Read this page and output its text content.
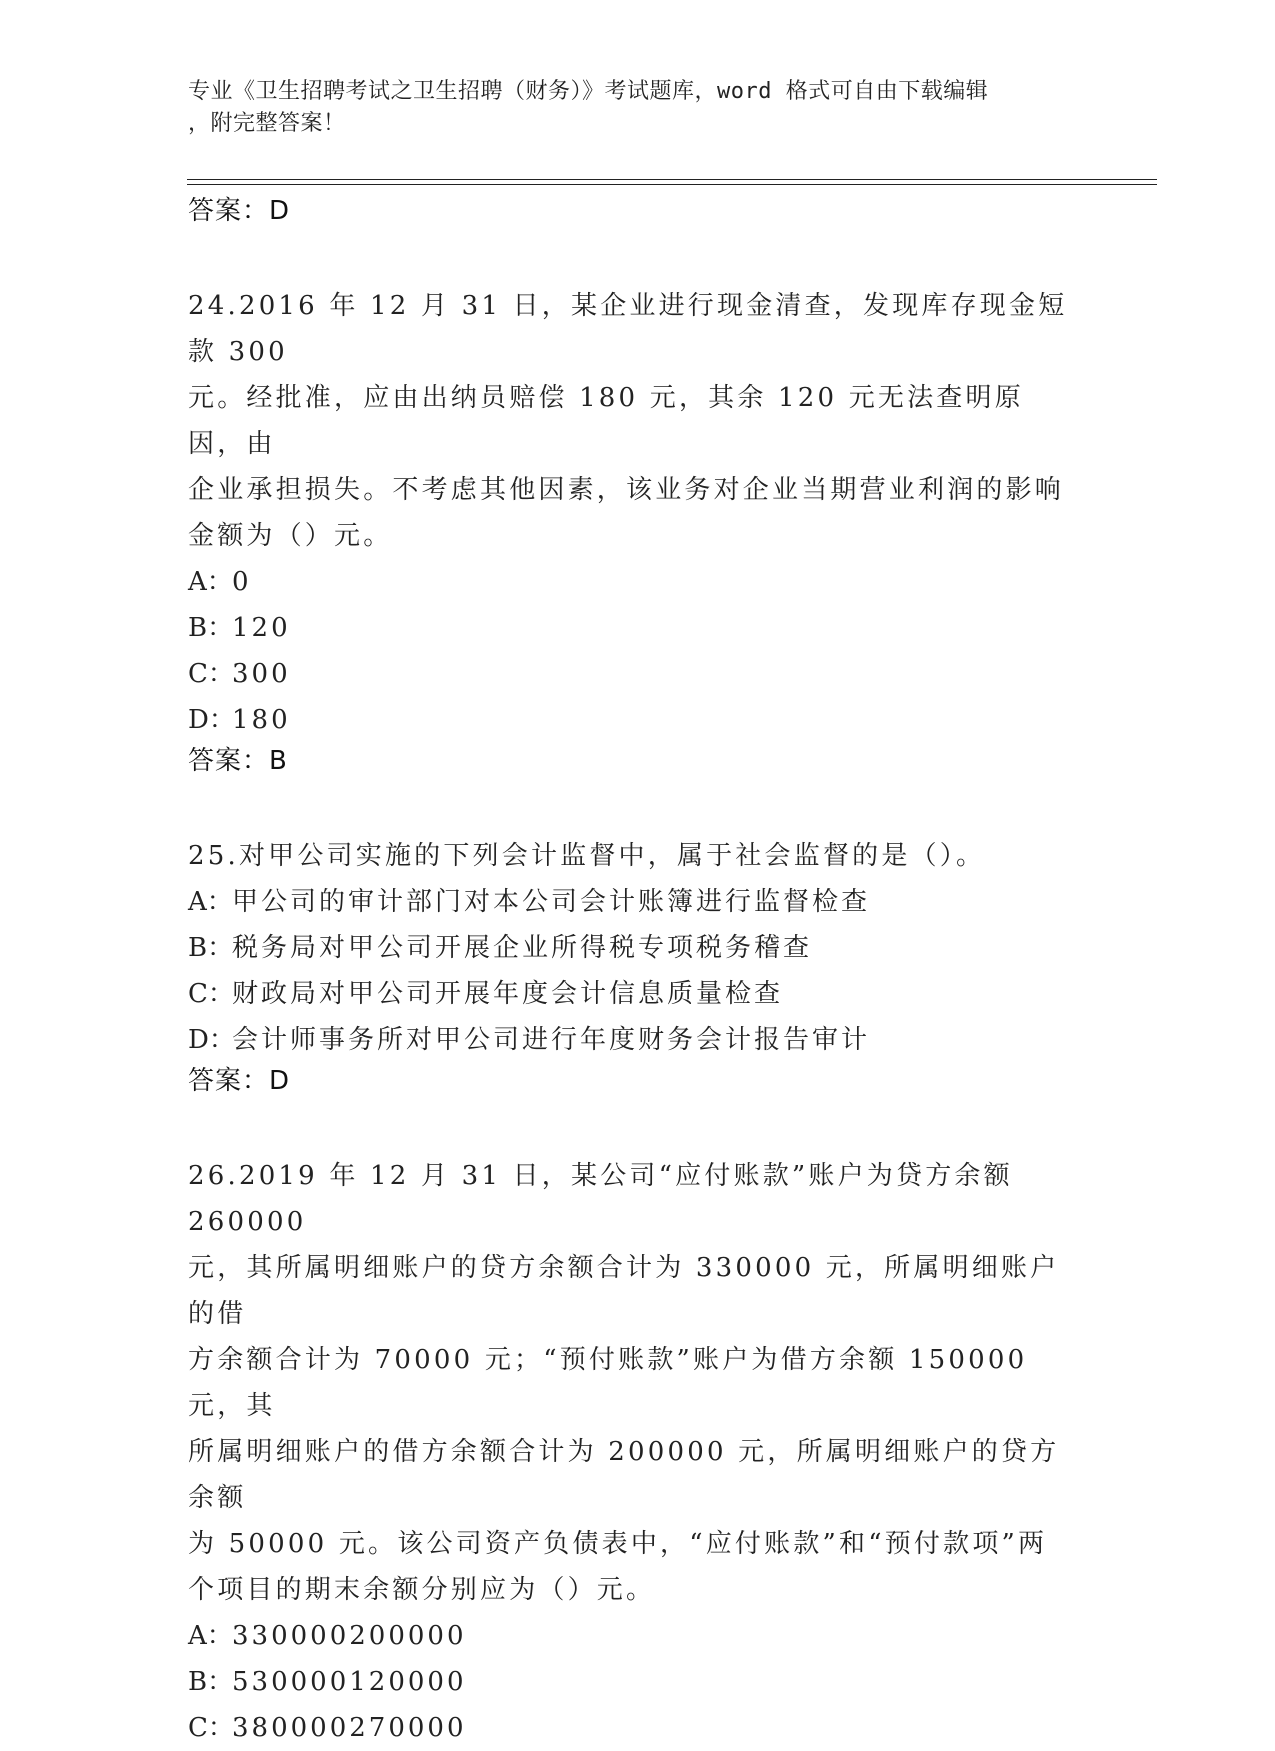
专业《卫生招聘考试之卫生招聘（财务）》考试题库，word 格式可自由下载编辑
，附完整答案！

答案：D

24.2016 年 12 月 31 日，某企业进行现金清查，发现库存现金短款 300

元。经批准，应由出纳员赔偿 180 元，其余 120 元无法查明原因，由

企业承担损失。不考虑其他因素，该业务对企业当期营业利润的影响

金额为（）元。

A：0

B：120

C：300

D：180

答案：B

25.对甲公司实施的下列会计监督中，属于社会监督的是（）。

A：甲公司的审计部门对本公司会计账簿进行监督检查

B：税务局对甲公司开展企业所得税专项税务稽查

C：财政局对甲公司开展年度会计信息质量检查

D：会计师事务所对甲公司进行年度财务会计报告审计

答案：D

26.2019 年 12 月 31 日，某公司“应付账款”账户为贷方余额 260000

元，其所属明细账户的贷方余额合计为 330000 元，所属明细账户的借

方余额合计为 70000 元；“预付账款”账户为借方余额 150000 元，其

所属明细账户的借方余额合计为 200000 元，所属明细账户的贷方余额

为 50000 元。该公司资产负债表中，“应付账款”和“预付款项”两

个项目的期末余额分别应为（）元。

A：330000200000

B：530000120000

C：380000270000
